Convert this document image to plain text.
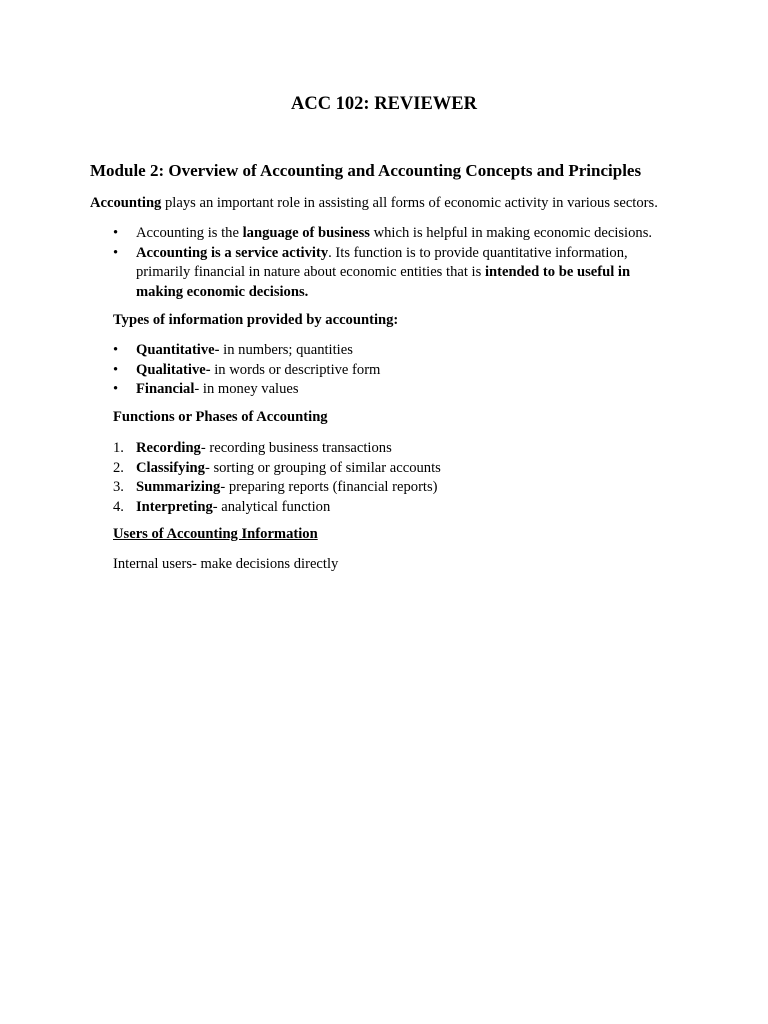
ACC 102: REVIEWER
Module 2: Overview of Accounting and Accounting Concepts and Principles

Accounting plays an important role in assisting all forms of economic activity in various sectors.

•	Accounting is the language of business which is helpful in making economic decisions.
•	Accounting is a service activity. Its function is to provide quantitative information, primarily financial in nature about economic entities that is intended to be useful in making economic decisions.

Types of information provided by accounting:

•	Quantitative- in numbers; quantities
•	Qualitative- in words or descriptive form
•	Financial- in money values

Functions or Phases of Accounting

1. Recording- recording business transactions
2. Classifying- sorting or grouping of similar accounts
3. Summarizing- preparing reports (financial reports)
4. Interpreting- analytical function

Users of Accounting Information

Internal users- make decisions directly
